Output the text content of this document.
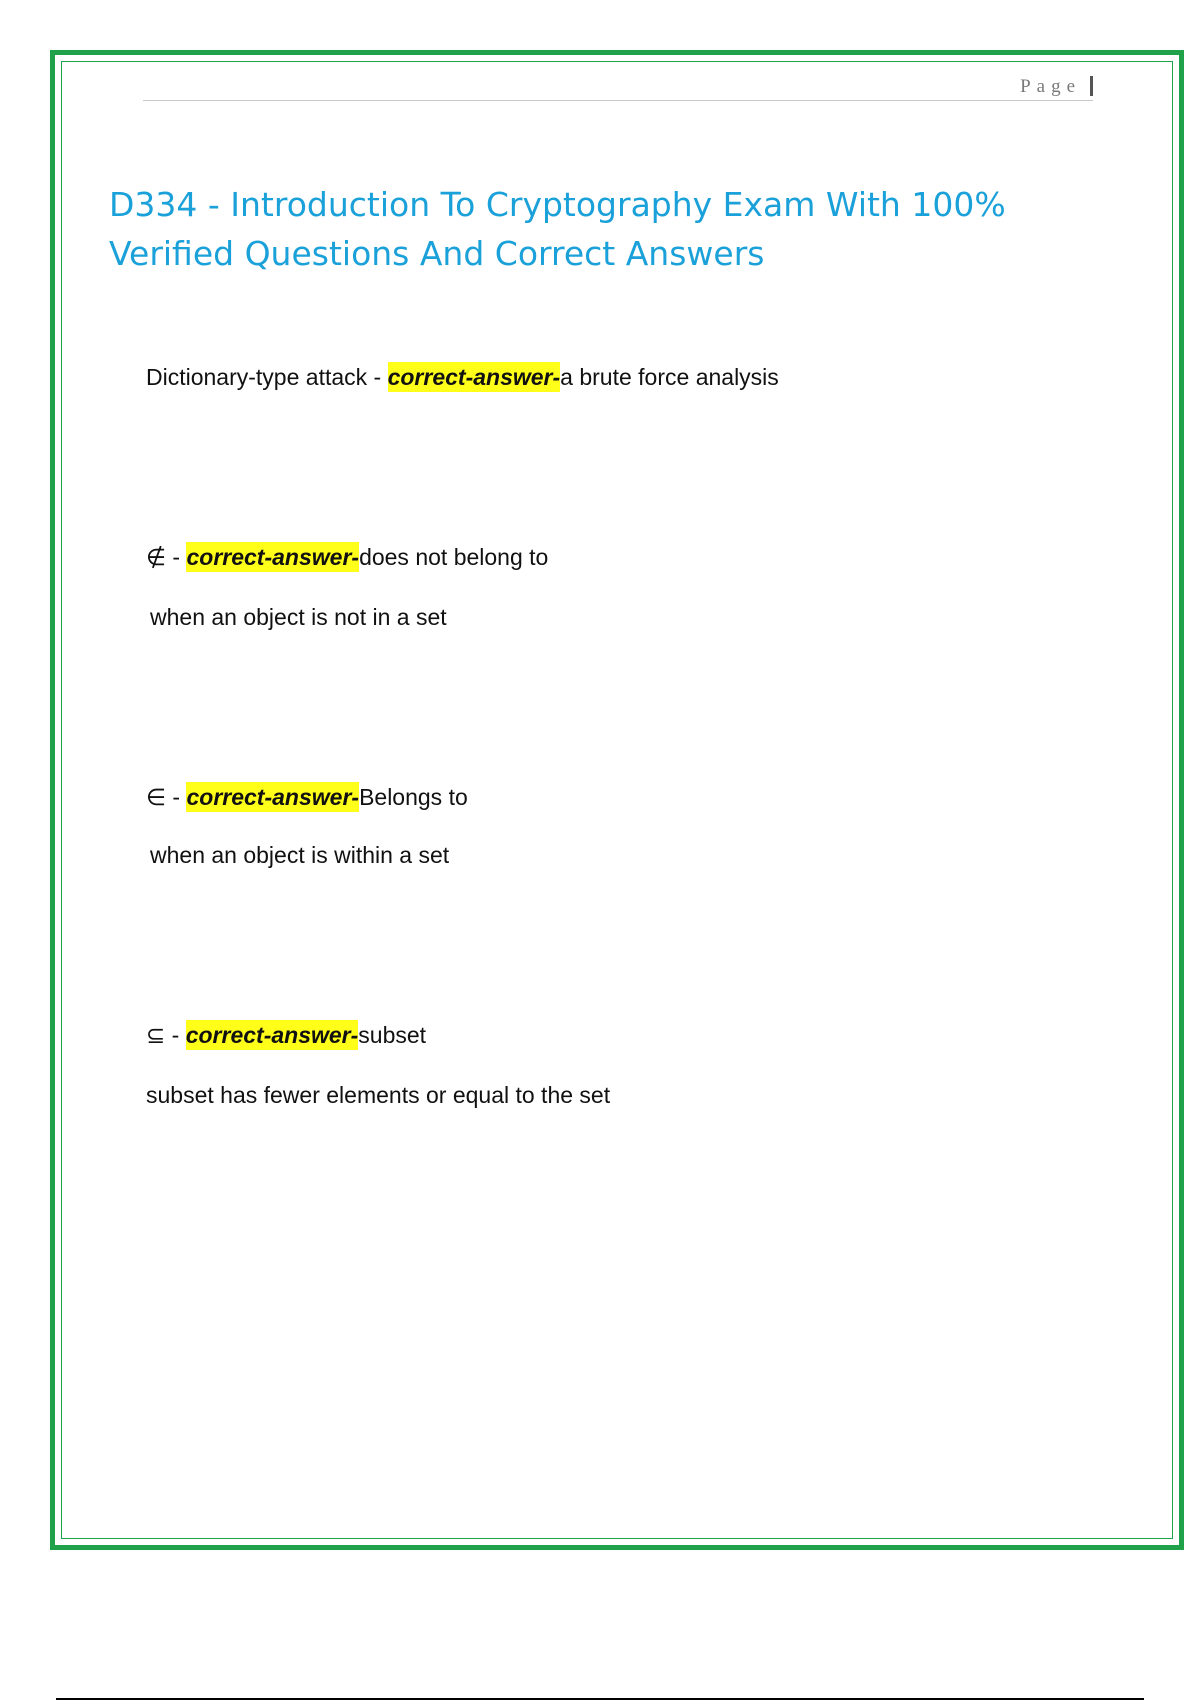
Page
D334 - Introduction To Cryptography Exam With 100% Verified Questions And Correct Answers
Dictionary-type attack - correct-answer-a brute force analysis
∉ - correct-answer-does not belong to
when an object is not in a set
∈ - correct-answer-Belongs to
when an object is within a set
⊆ - correct-answer-subset
subset has fewer elements or equal to the set
